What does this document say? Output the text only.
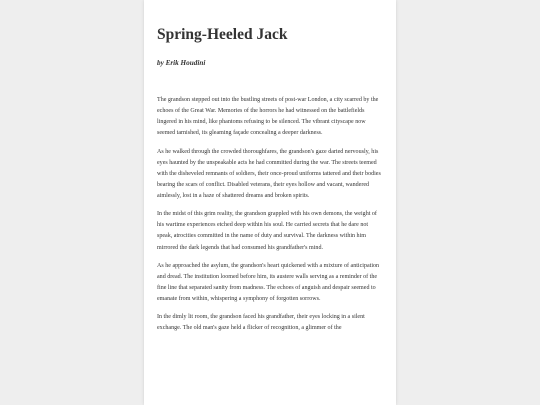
Spring-Heeled Jack
by Erik Houdini

The grandson stepped out into the bustling streets of post-war London, a city scarred by the echoes of the Great War. Memories of the horrors he had witnessed on the battlefields lingered in his mind, like phantoms refusing to be silenced. The vibrant cityscape now seemed tarnished, its gleaming façade concealing a deeper darkness.

As he walked through the crowded thoroughfares, the grandson's gaze darted nervously, his eyes haunted by the unspeakable acts he had committed during the war. The streets teemed with the disheveled remnants of soldiers, their once-proud uniforms tattered and their bodies bearing the scars of conflict. Disabled veterans, their eyes hollow and vacant, wandered aimlessly, lost in a haze of shattered dreams and broken spirits.

In the midst of this grim reality, the grandson grappled with his own demons, the weight of his wartime experiences etched deep within his soul. He carried secrets that he dare not speak, atrocities committed in the name of duty and survival. The darkness within him mirrored the dark legends that had consumed his grandfather's mind.

As he approached the asylum, the grandson's heart quickened with a mixture of anticipation and dread. The institution loomed before him, its austere walls serving as a reminder of the fine line that separated sanity from madness. The echoes of anguish and despair seemed to emanate from within, whispering a symphony of forgotten sorrows.

In the dimly lit room, the grandson faced his grandfather, their eyes locking in a silent exchange. The old man's gaze held a flicker of recognition, a glimmer of the
